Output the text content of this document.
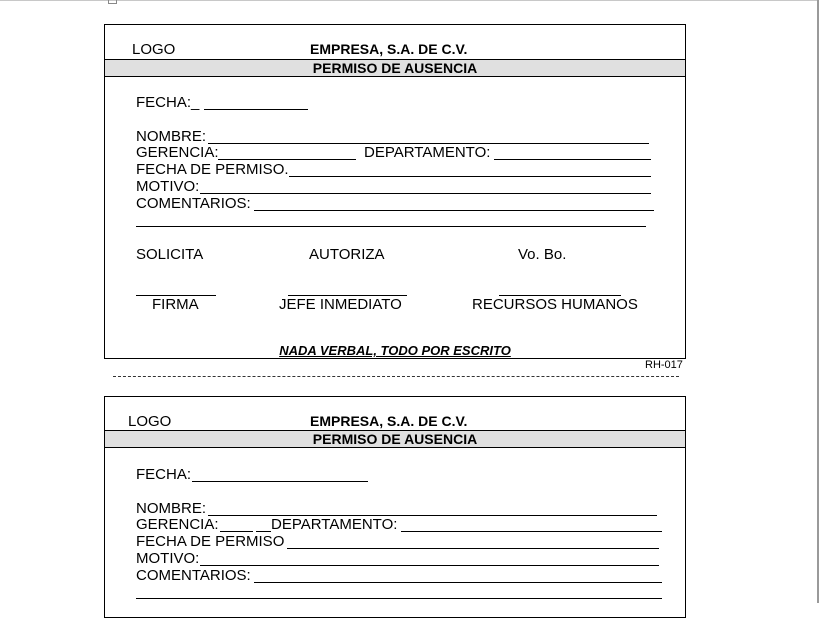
LOGO	EMPRESA, S.A. DE C.V.
PERMISO DE AUSENCIA
FECHA:_
NOMBRE:
GERENCIA:	DEPARTAMENTO:
FECHA DE PERMISO.
MOTIVO:
COMENTARIOS:
SOLICITA	AUTORIZA	Vo. Bo.
FIRMA	JEFE INMEDIATO	RECURSOS HUMANOS
NADA VERBAL, TODO POR ESCRITO
RH-017
LOGO	EMPRESA, S.A. DE C.V.
PERMISO DE AUSENCIA
FECHA:
NOMBRE:
GERENCIA:	DEPARTAMENTO:
FECHA DE PERMISO
MOTIVO:
COMENTARIOS:
